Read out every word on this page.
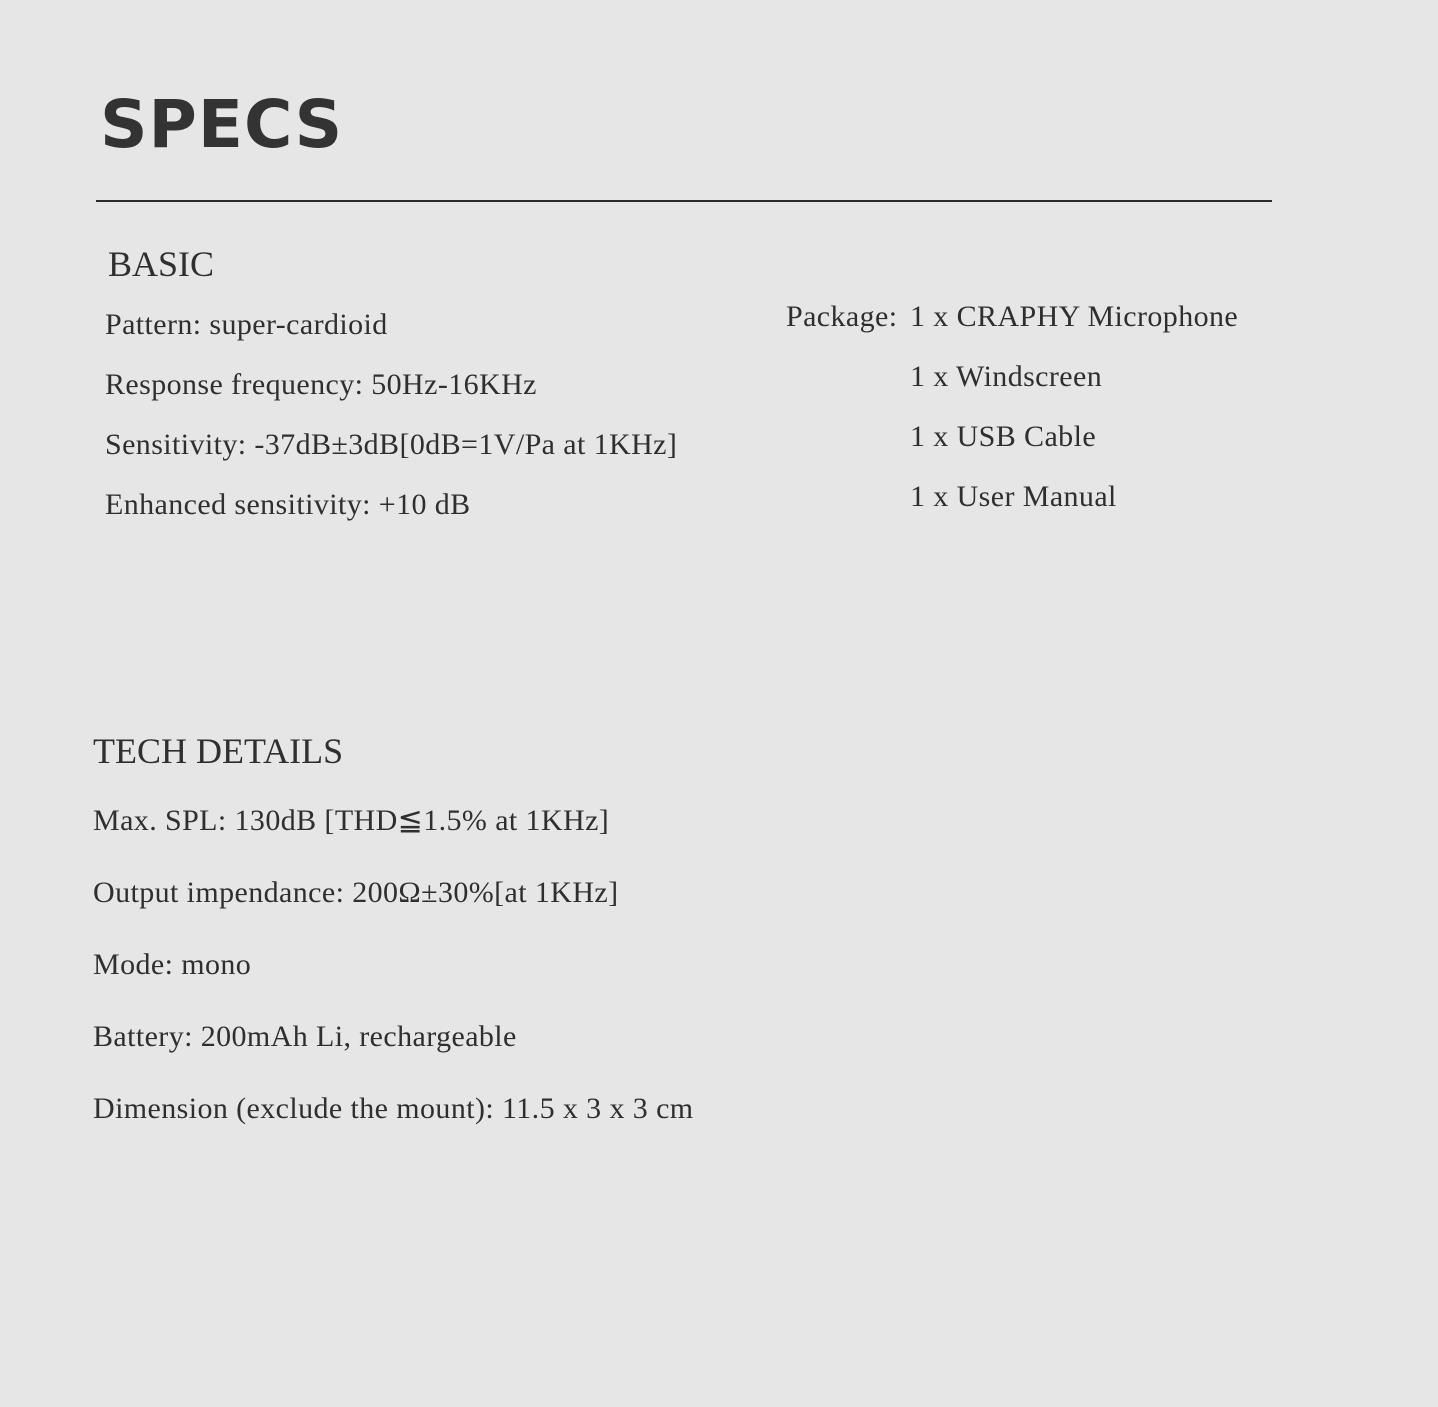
SPECS
BASIC
Pattern: super-cardioid
Response frequency: 50Hz-16KHz
Sensitivity: -37dB±3dB[0dB=1V/Pa at 1KHz]
Enhanced sensitivity: +10 dB
Package: 1 x CRAPHY Microphone
1 x Windscreen
1 x USB Cable
1 x User Manual
TECH DETAILS
Max. SPL: 130dB [THD≦1.5% at 1KHz]
Output impendance: 200Ω±30%[at 1KHz]
Mode: mono
Battery: 200mAh Li, rechargeable
Dimension (exclude the mount): 11.5 x 3 x 3 cm
